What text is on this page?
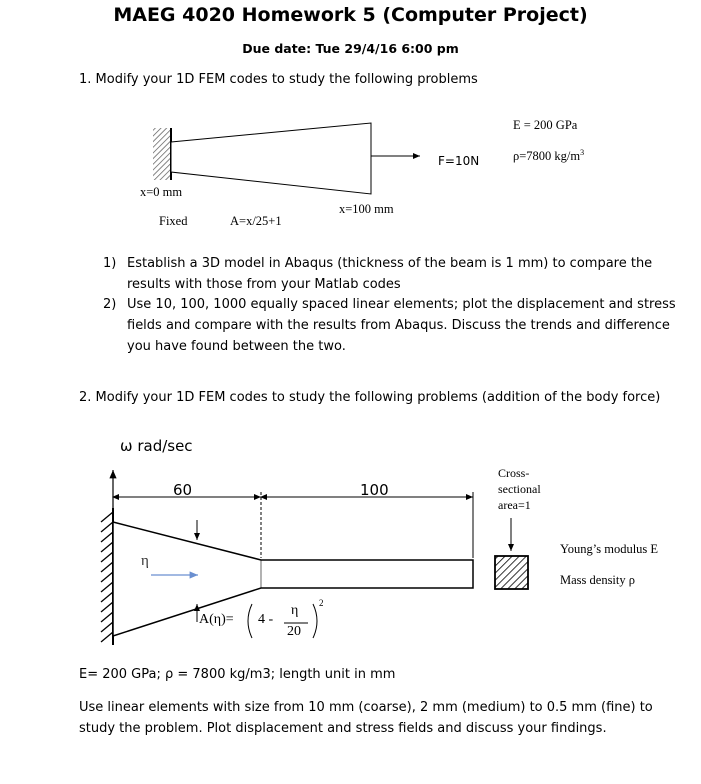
MAEG 4020 Homework 5 (Computer Project)
Due date: Tue 29/4/16 6:00 pm
1. Modify your 1D FEM codes to study the following problems
E = 200 GPa
ρ=7800 $kg/m^3$
F=10N
x=0 mm
x=100 mm
Fixed	A=x/25+1
1) Establish a 3D model in Abaqus (thickness of the beam is 1 mm) to compare the results with those from your Matlab codes
2) Use 10, 100, 1000 equally spaced linear elements; plot the displacement and stress fields and compare with the results from Abaqus. Discuss the trends and difference you have found between the two.
2. Modify your 1D FEM codes to study the following problems (addition of the body force)
ω rad/sec
60	100
η
Cross-
sectional
area=1
Young’s modulus E
Mass density ρ
A(η)= 4 -
η
20
2
E= 200 GPa; ρ = 7800 kg/m3; length unit in mm
Use linear elements with size from 10 mm (coarse), 2 mm (medium) to 0.5 mm (fine) to study the problem. Plot displacement and stress fields and discuss your findings.
